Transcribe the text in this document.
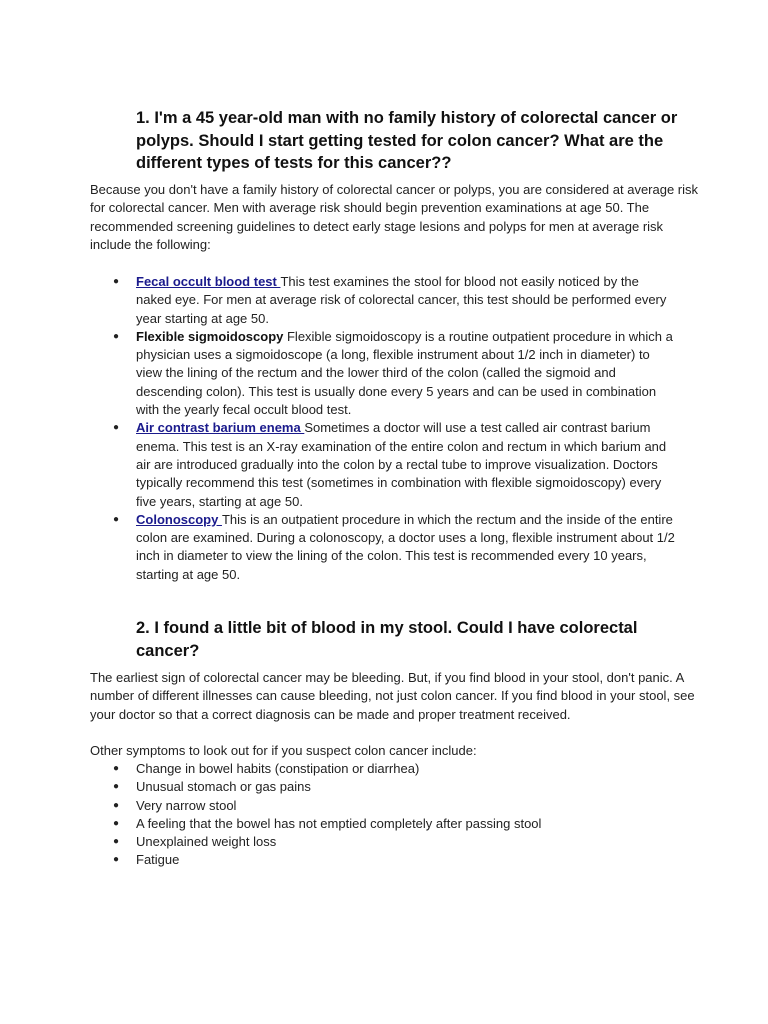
1. I'm a 45 year-old man with no family history of colorectal cancer or polyps. Should I start getting tested for colon cancer? What are the different types of tests for this cancer??

Because you don't have a family history of colorectal cancer or polyps, you are considered at average risk for colorectal cancer. Men with average risk should begin prevention examinations at age 50. The recommended screening guidelines to detect early stage lesions and polyps for men at average risk include the following:

● Fecal occult blood test This test examines the stool for blood not easily noticed by the naked eye. For men at average risk of colorectal cancer, this test should be performed every year starting at age 50.
● Flexible sigmoidoscopy Flexible sigmoidoscopy is a routine outpatient procedure in which a physician uses a sigmoidoscope (a long, flexible instrument about 1/2 inch in diameter) to view the lining of the rectum and the lower third of the colon (called the sigmoid and descending colon). This test is usually done every 5 years and can be used in combination with the yearly fecal occult blood test.
● Air contrast barium enema Sometimes a doctor will use a test called air contrast barium enema. This test is an X-ray examination of the entire colon and rectum in which barium and air are introduced gradually into the colon by a rectal tube to improve visualization. Doctors typically recommend this test (sometimes in combination with flexible sigmoidoscopy) every five years, starting at age 50.
● Colonoscopy This is an outpatient procedure in which the rectum and the inside of the entire colon are examined. During a colonoscopy, a doctor uses a long, flexible instrument about 1/2 inch in diameter to view the lining of the colon. This test is recommended every 10 years, starting at age 50.
2. I found a little bit of blood in my stool. Could I have colorectal cancer?

The earliest sign of colorectal cancer may be bleeding. But, if you find blood in your stool, don't panic. A number of different illnesses can cause bleeding, not just colon cancer. If you find blood in your stool, see your doctor so that a correct diagnosis can be made and proper treatment received.

Other symptoms to look out for if you suspect colon cancer include:

● Change in bowel habits (constipation or diarrhea)
● Unusual stomach or gas pains
● Very narrow stool
● A feeling that the bowel has not emptied completely after passing stool
● Unexplained weight loss
● Fatigue
